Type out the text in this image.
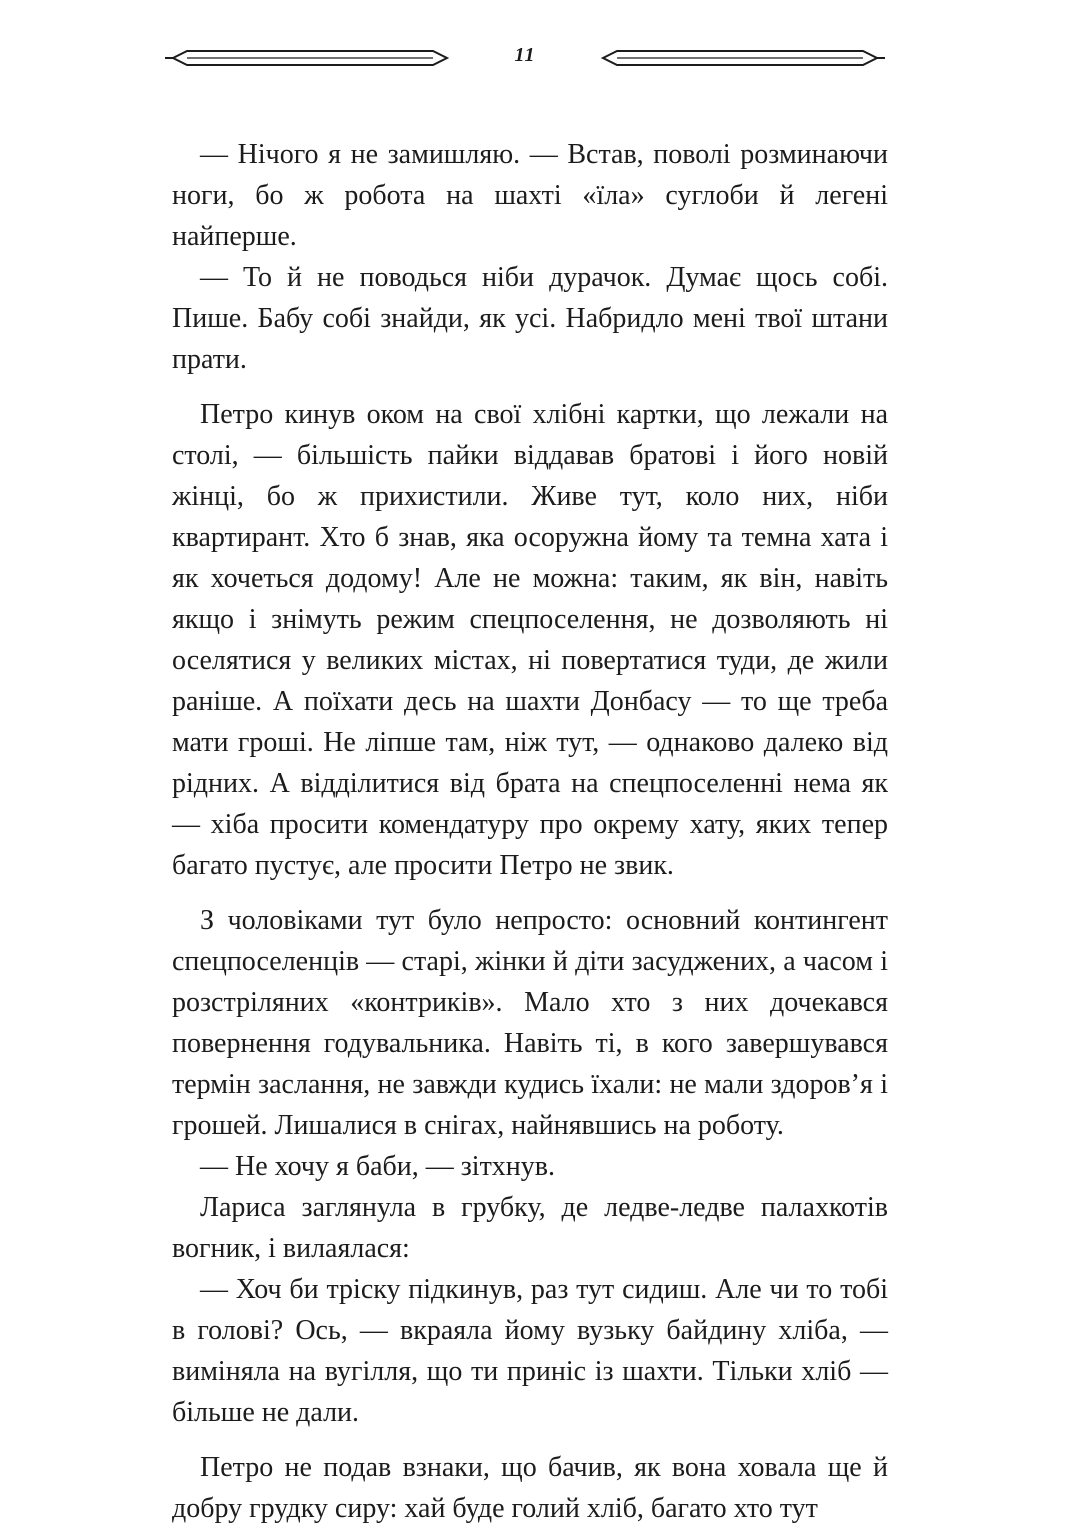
11

— Нічого я не замишляю. — Встав, поволі розминаючи ноги, бо ж робота на шахті «їла» суглоби й легені найперше.

— То й не поводься ніби дурачок. Думає щось собі. Пише. Бабу собі знайди, як усі. Набридло мені твої штани прати.

Петро кинув оком на свої хлібні картки, що лежали на столі, — більшість пайки віддавав братові і його новій жінці, бо ж прихистили. Живе тут, коло них, ніби квартирант. Хто б знав, яка осоружна йому та темна хата і як хочеться додому! Але не можна: таким, як він, навіть якщо і знімуть режим спецпоселення, не дозволяють ні оселятися у великих містах, ні повертатися туди, де жили раніше. А поїхати десь на шахти Донбасу — то ще треба мати гроші. Не ліпше там, ніж тут, — однаково далеко від рідних. А відділитися від брата на спецпоселенні нема як — хіба просити комендатуру про окрему хату, яких тепер багато пустує, але просити Петро не звик.

З чоловіками тут було непросто: основний контингент спецпоселенців — старі, жінки й діти засуджених, а часом і розстріляних «контриків». Мало хто з них дочекався повернення годувальника. Навіть ті, в кого завершувався термін заслання, не завжди кудись їхали: не мали здоров’я і грошей. Лишалися в снігах, найнявшись на роботу.

— Не хочу я баби, — зітхнув.

Лариса заглянула в грубку, де ледве-ледве палахкотів вогник, і вилаялася:

— Хоч би тріску підкинув, раз тут сидиш. Але чи то тобі в голові? Ось, — вкраяла йому вузьку байдину хліба, — виміняла на вугілля, що ти приніс із шахти. Тільки хліб — більше не дали.

Петро не подав взнаки, що бачив, як вона ховала ще й добру грудку сиру: хай буде голий хліб, багато хто тут
